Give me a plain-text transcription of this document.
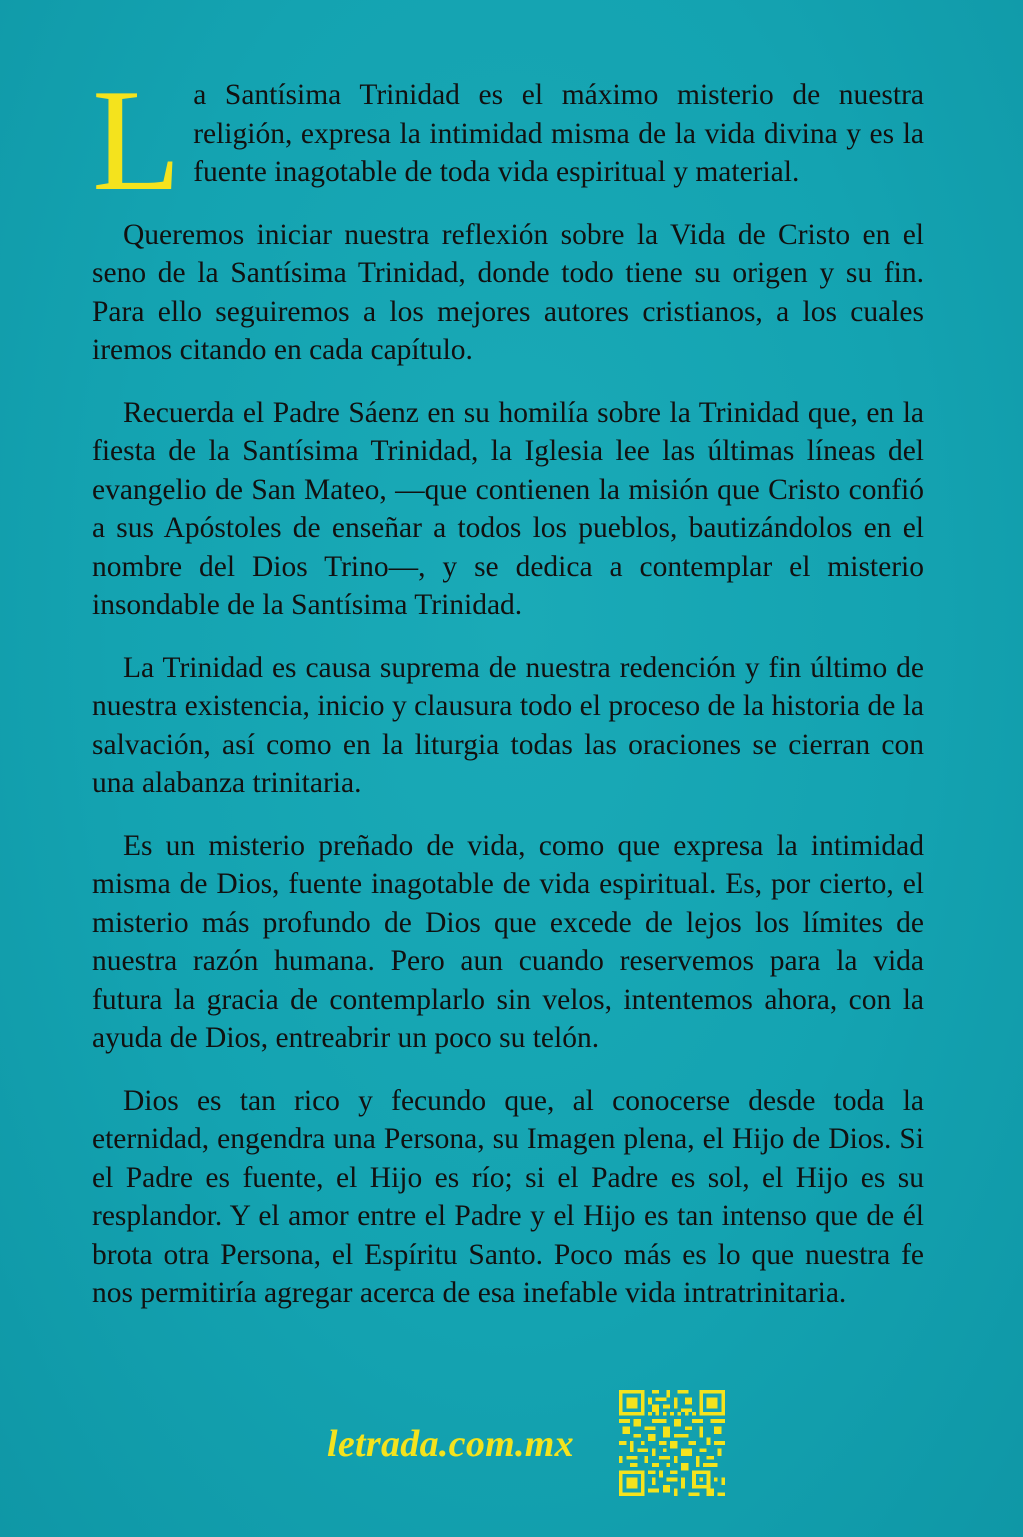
La Santísima Trinidad es el máximo misterio de nuestra religión, expresa la intimidad misma de la vida divina y es la fuente inagotable de toda vida espiritual y material.

Queremos iniciar nuestra reflexión sobre la Vida de Cristo en el seno de la Santísima Trinidad, donde todo tiene su origen y su fin. Para ello seguiremos a los mejores autores cristianos, a los cuales iremos citando en cada capítulo.

Recuerda el Padre Sáenz en su homilía sobre la Trinidad que, en la fiesta de la Santísima Trinidad, la Iglesia lee las últimas líneas del evangelio de San Mateo, —que contienen la misión que Cristo confió a sus Apóstoles de enseñar a todos los pueblos, bautizándolos en el nombre del Dios Trino—, y se dedica a contemplar el misterio insondable de la Santísima Trinidad.

La Trinidad es causa suprema de nuestra redención y fin último de nuestra existencia, inicio y clausura todo el proceso de la historia de la salvación, así como en la liturgia todas las oraciones se cierran con una alabanza trinitaria.

Es un misterio preñado de vida, como que expresa la intimidad misma de Dios, fuente inagotable de vida espiritual. Es, por cierto, el misterio más profundo de Dios que excede de lejos los límites de nuestra razón humana. Pero aun cuando reservemos para la vida futura la gracia de contemplarlo sin velos, intentemos ahora, con la ayuda de Dios, entreabrir un poco su telón.

Dios es tan rico y fecundo que, al conocerse desde toda la eternidad, engendra una Persona, su Imagen plena, el Hijo de Dios. Si el Padre es fuente, el Hijo es río; si el Padre es sol, el Hijo es su resplandor. Y el amor entre el Padre y el Hijo es tan intenso que de él brota otra Persona, el Espíritu Santo. Poco más es lo que nuestra fe nos permitiría agregar acerca de esa inefable vida intratrinitaria.

letrada.com.mx
